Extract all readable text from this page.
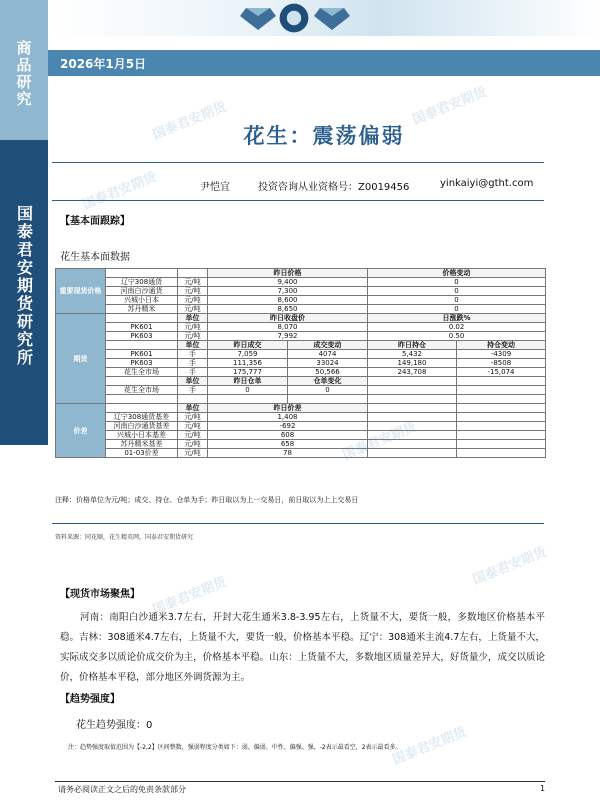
商品研究
国泰君安期货研究所
2026年1月5日
国泰君安期货	国泰君安期货
国泰君安期货
国泰君安期货
国泰君安期货
国泰君安期货
国泰君安期货
花生：震荡偏弱
尹恺宜	投资咨询从业资格号：Z0019456	yinkaiyi@gtht.com
【基本面跟踪】
花生基本面数据
重要现货价格			昨日价格		价格变动	
	辽宁308通货	元/吨	9,400		0	
	河南白沙通货	元/吨	7,300		0	
	兴城小日本	元/吨	8,600		0	
	苏丹精米	元/吨	8,650		0	
期货		单位	昨日收盘价		日涨跌%	
	PK601	元/吨	8,070		0.02	
	PK603	元/吨	7,992		0.50	
		单位	昨日成交	成交变动	昨日持仓	持仓变动
	PK601	手	7,059	4074	5,432	-4309
	PK603	手	111,356	33024	149,180	-8508
	花生全市场	手	175,777	50,566	243,708	-15,074
		单位	昨日仓单	仓单变化		
	花生全市场	手	0	0		

价差		单位	昨日价差			
	辽宁308通货基差	元/吨	1,408			
	河南白沙通货基差	元/吨	-692			
	兴城小日本基差	元/吨	608			
	苏丹精米基差	元/吨	658			
	01-03价差	元/吨	78			
注释：价格单位为元/吨；成交、持仓、仓单为手；昨日取以为上一交易日，前日取以为上上交易日
资料来源：同花顺，花生精英网，国泰君安期货研究
【现货市场聚焦】
河南：南阳白沙通米3.7左右，开封大花生通米3.8-3.95左右，上货量不大，要货一般，多数地区价格基本平稳。吉林：308通米4.7左右，上货量不大，要货一般，价格基本平稳。辽宁：308通米主流4.7左右，上货量不大，实际成交多以质论价成交价为主，价格基本平稳。山东：上货量不大，多数地区质量差异大，好货量少，成交以质论价，价格基本平稳，部分地区外调货源为主。
【趋势强度】
花生趋势强度：0
注：趋势强度取值范围为【-2,2】区间整数，强弱程度分类如下：弱、偏弱、中性、偏强、强，-2表示最看空，2表示最看多。
请务必阅读正文之后的免责条款部分	1
